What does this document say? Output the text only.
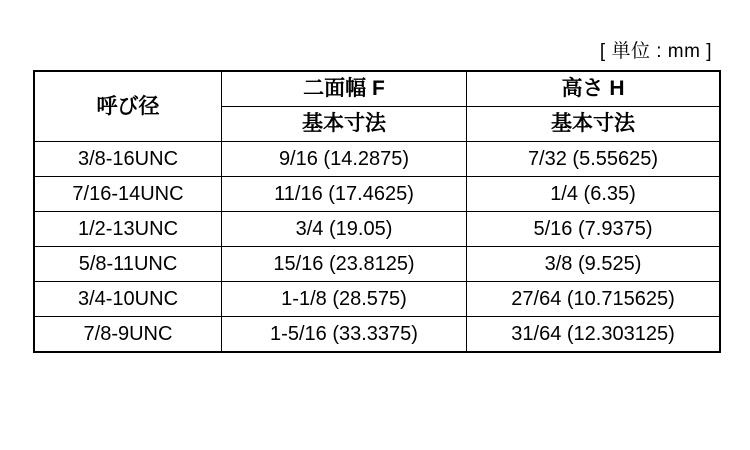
[ 単位 : mm ]
呼び径	二面幅 F	高さ H
	基本寸法	基本寸法
3/8-16UNC	9/16 (14.2875)	7/32 (5.55625)
7/16-14UNC	11/16 (17.4625)	1/4 (6.35)
1/2-13UNC	3/4 (19.05)	5/16 (7.9375)
5/8-11UNC	15/16 (23.8125)	3/8 (9.525)
3/4-10UNC	1-1/8 (28.575)	27/64 (10.715625)
7/8-9UNC	1-5/16 (33.3375)	31/64 (12.303125)
